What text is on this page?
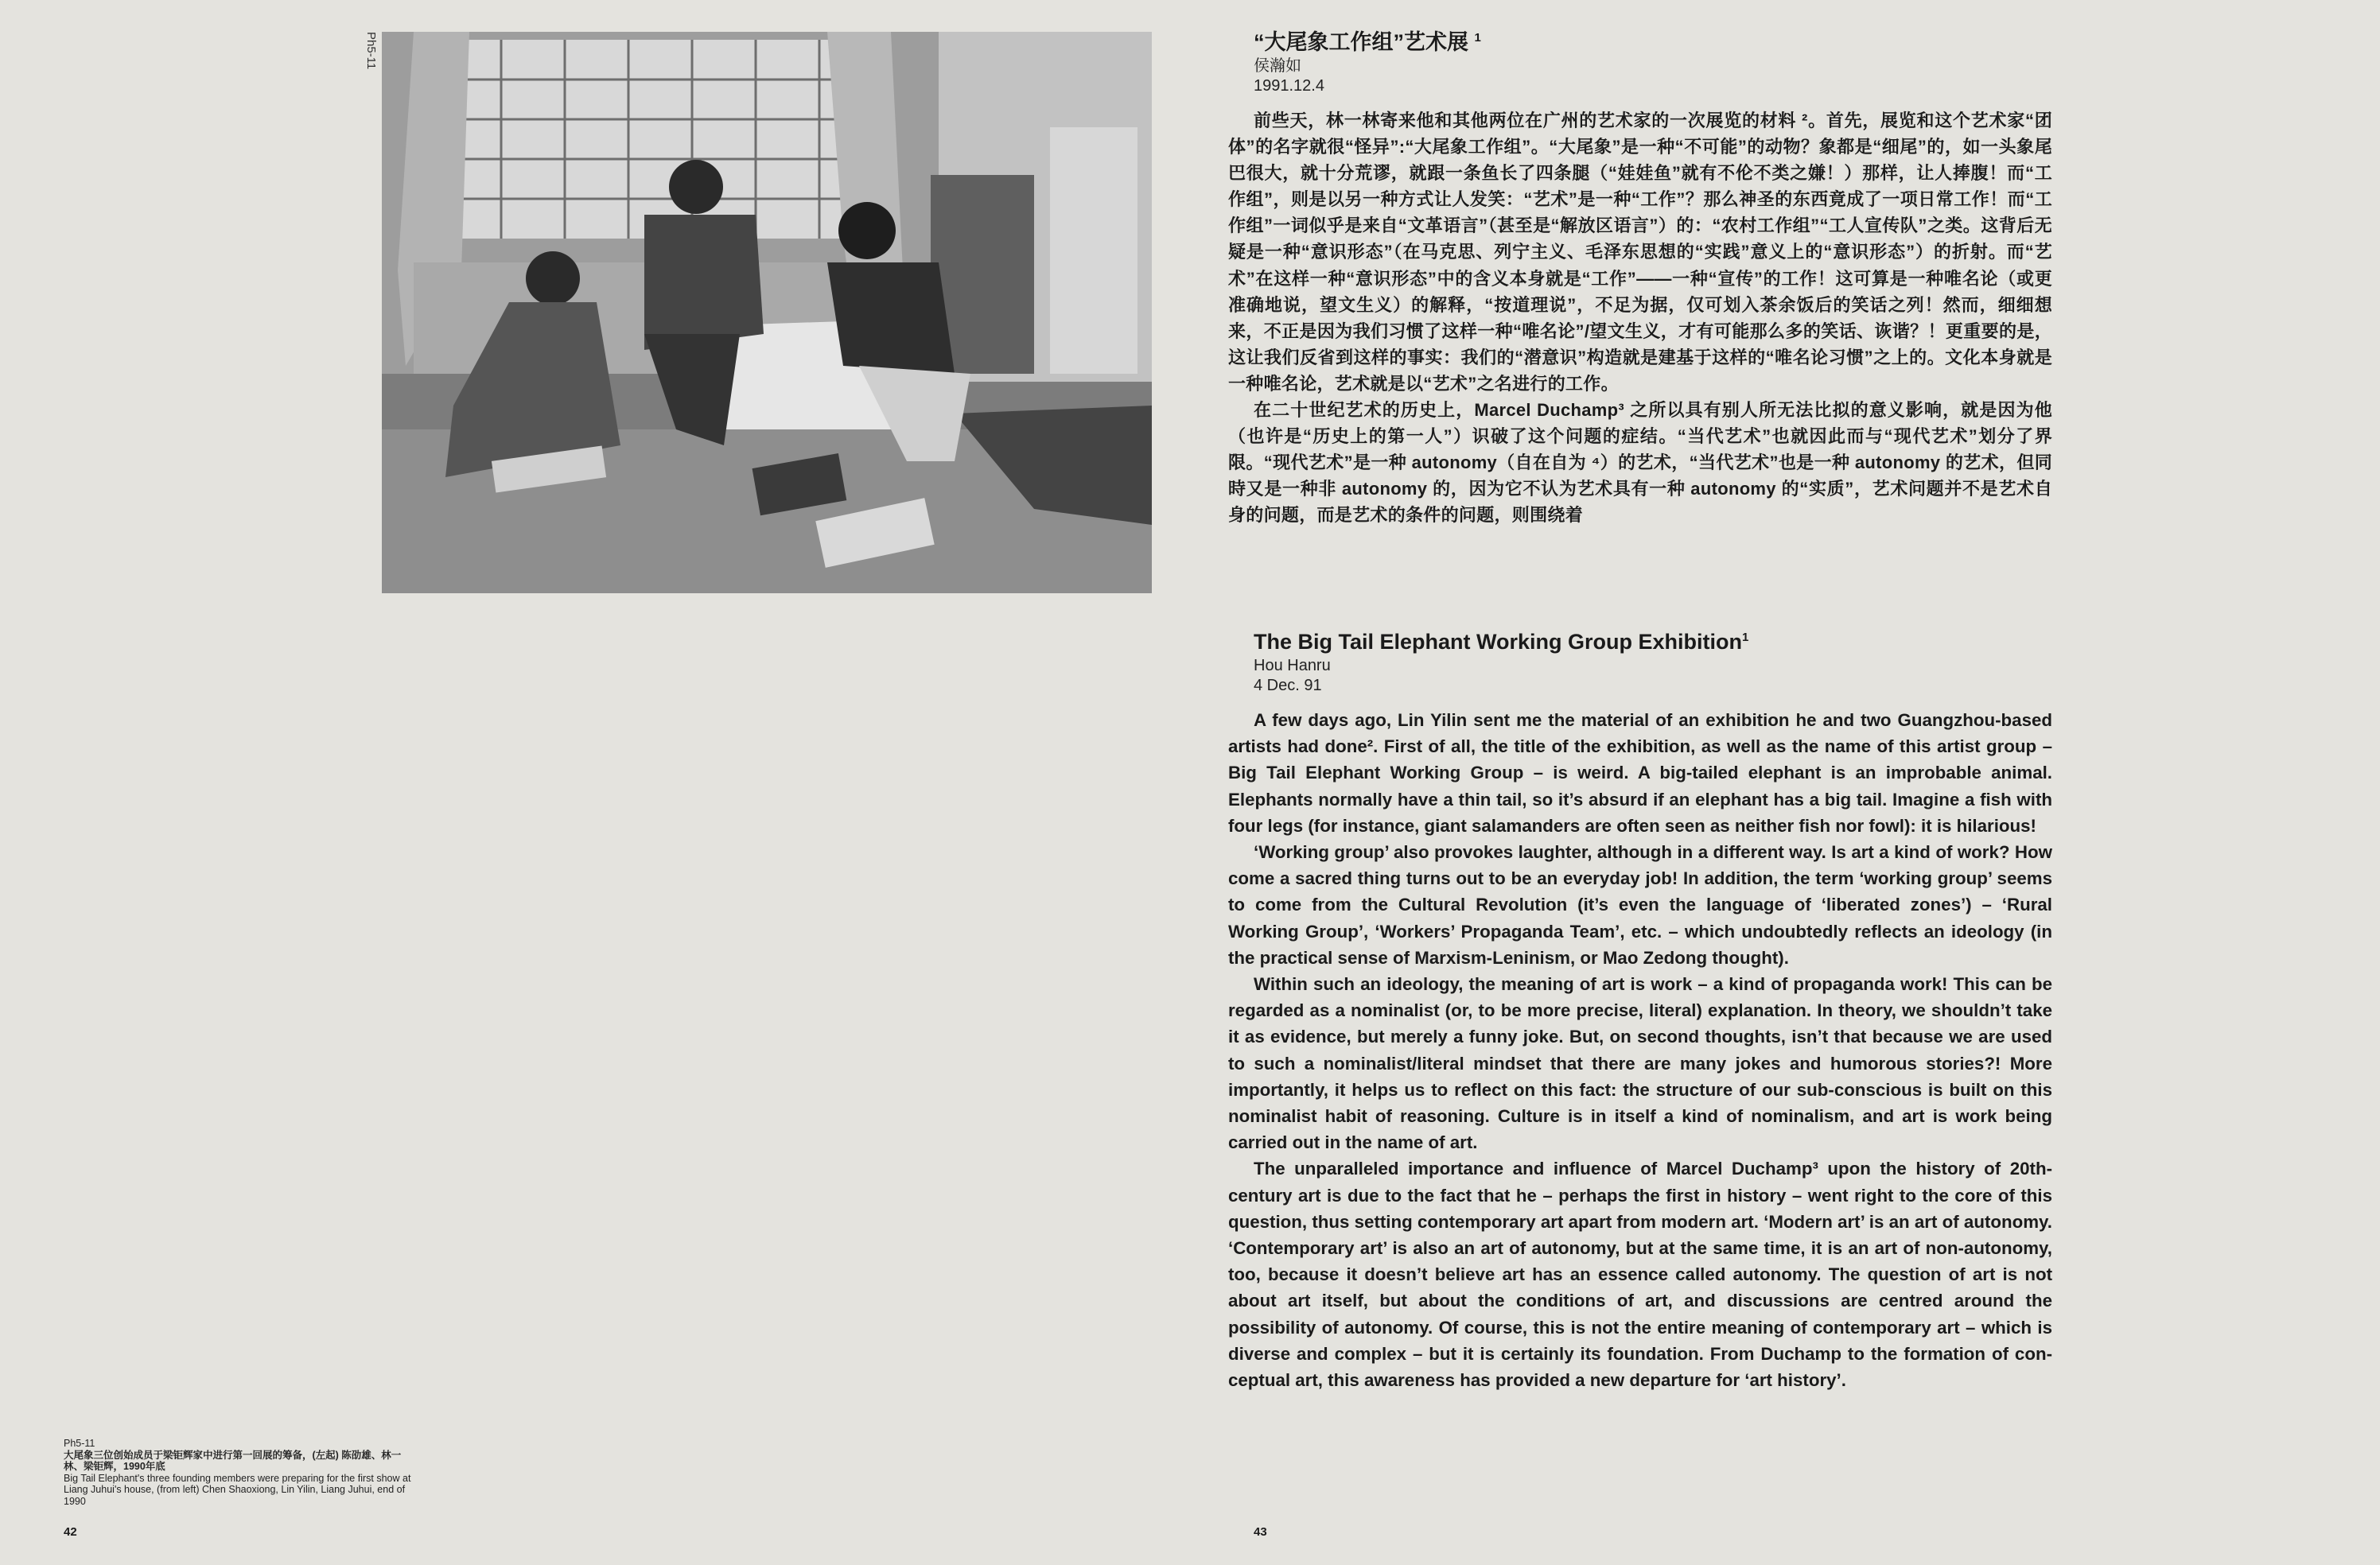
Ph5-11
Ph5-11
大尾象三位创始成员于梁钜辉家中进行第一回展的筹备，(左起) 陈劭雄、林一林、梁钜辉，1990年底
Big Tail Elephant's three founding members were preparing for the first show at Liang Juhui's house, (from left) Chen Shaoxiong, Lin Yilin, Liang Juhui, end of 1990
42
“大尾象工作组”艺术展 $^1$
侯瀚如
1991.12.4

前些天，林一林寄来他和其他两位在广州的艺术家的一次展览的材料 ²。首先，展览和这个艺术家“团体”的名字就很“怪异”:“大尾象工作组”。“大尾象”是一种“不可能”的动物？象都是“细尾”的，如一头象尾巴很大，就十分荒谬，就跟一条鱼长了四条腿（“娃娃鱼”就有不伦不类之嫌！）那样，让人捧腹！而“工作组”，则是以另一种方式让人发笑：“艺术”是一种“工作”？那么神圣的东西竟成了一项日常工作！而“工作组”一词似乎是来自“文革语言”（甚至是“解放区语言”）的：“农村工作组”“工人宣传队”之类。这背后无疑是一种“意识形态”（在马克思、列宁主义、毛泽东思想的“实践”意义上的“意识形态”）的折射。而“艺术”在这样一种“意识形态”中的含义本身就是“工作”——一种“宣传”的工作！这可算是一种唯名论（或更准确地说，望文生义）的解释，“按道理说”，不足为据，仅可划入茶余饭后的笑话之列！然而，细细想来，不正是因为我们习惯了这样一种“唯名论”/望文生义，才有可能那么多的笑话、诙谐？！更重要的是，这让我们反省到这样的事实：我们的“潜意识”构造就是建基于这样的“唯名论习惯”之上的。文化本身就是一种唯名论，艺术就是以“艺术”之名进行的工作。

在二十世纪艺术的历史上，Marcel Duchamp³ 之所以具有别人所无法比拟的意义影响，就是因为他（也许是“历史上的第一人”）识破了这个问题的症结。“当代艺术”也就因此而与“现代艺术”划分了界限。“现代艺术”是一种 autonomy（自在自为 ⁴）的艺术，“当代艺术”也是一种 autonomy 的艺术，但同時又是一种非 autonomy 的，因为它不认为艺术具有一种 autonomy 的“实质”，艺术问题并不是艺术自身的问题，而是艺术的条件的问题，则围绕着

The Big Tail Elephant Working Group Exhibition$^1$
Hou Hanru
4 Dec. 91

A few days ago, Lin Yilin sent me the material of an exhibition he and two Guangzhou-based artists had done². First of all, the title of the exhibition, as well as the name of this artist group – Big Tail Elephant Working Group – is weird. A big-tailed elephant is an improbable animal. Elephants normally have a thin tail, so it’s absurd if an elephant has a big tail. Imagine a fish with four legs (for instance, giant salamanders are often seen as neither fish nor fowl): it is hilarious!

‘Working group’ also provokes laughter, although in a different way. Is art a kind of work? How come a sacred thing turns out to be an everyday job! In addition, the term ‘working group’ seems to come from the Cultural Revolution (it’s even the language of ‘liberated zones’) – ‘Rural Working Group’, ‘Workers’ Propaganda Team’, etc. – which undoubtedly reflects an ideology (in the practical sense of Marxism-Leninism, or Mao Zedong thought).

Within such an ideology, the meaning of art is work – a kind of propaganda work! This can be regarded as a nominalist (or, to be more precise, literal) explanation. In theory, we shouldn’t take it as evidence, but merely a funny joke. But, on second thoughts, isn’t that because we are used to such a nominalist/literal mindset that there are many jokes and humorous stories?! More importantly, it helps us to reflect on this fact: the structure of our sub-conscious is built on this nominalist habit of reasoning. Culture is in itself a kind of nominalism, and art is work being carried out in the name of art.

The unparalleled importance and influence of Marcel Duchamp³ upon the history of 20th-century art is due to the fact that he – perhaps the first in history – went right to the core of this question, thus setting contemporary art apart from modern art. ‘Modern art’ is an art of autonomy. ‘Contemporary art’ is also an art of autonomy, but at the same time, it is an art of non-autonomy, too, because it doesn’t believe art has an essence called autonomy. The question of art is not about art itself, but about the conditions of art, and discussions are centred around the possibility of autonomy. Of course, this is not the entire meaning of contemporary art – which is diverse and complex – but it is certainly its foundation. From Duchamp to the formation of conceptual art, this awareness has provided a new departure for ‘art history’.

43
